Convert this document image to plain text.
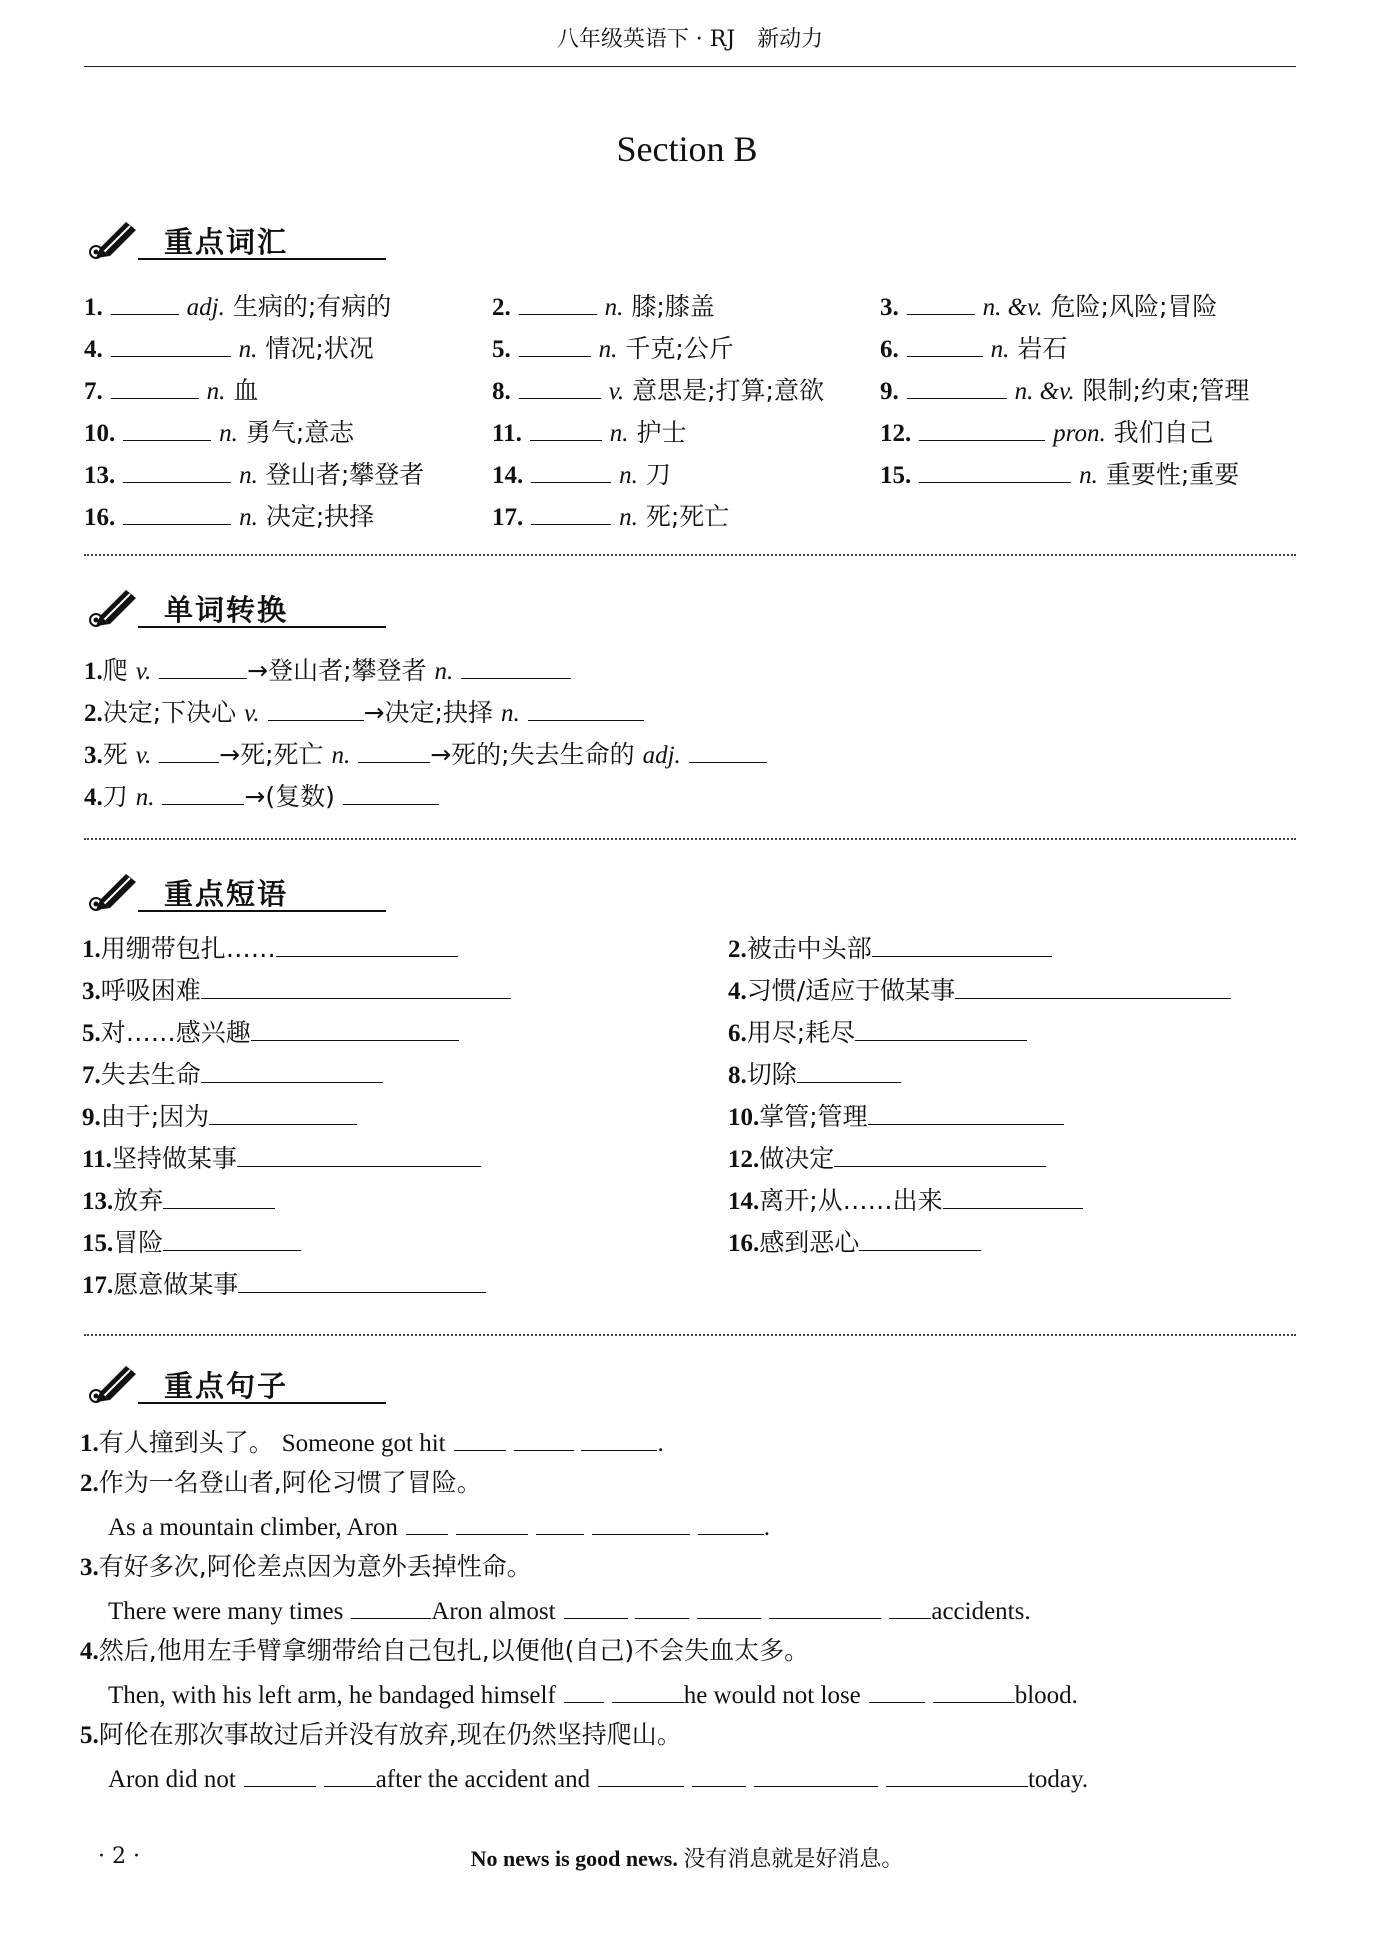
八年级英语下 · RJ　新动力
Section B
重点词汇
1.	adj. 生病的;有病的	2.	n. 膝;膝盖	3.	n. &v. 危险;风险;冒险
4.	n. 情况;状况	5.	n. 千克;公斤	6.	n. 岩石
7.	n. 血	8.	v. 意思是;打算;意欲 9.	n. &v. 限制;约束;管理
10.	n. 勇气;意志	11.	n. 护士	12.	pron. 我们自己
13.	n. 登山者;攀登者	14.	n. 刀	15.	n. 重要性;重要
16.	n. 决定;抉择	17.	n. 死;死亡
单词转换
1.爬 v.	→登山者;攀登者 n.
2.决定;下决心 v.	→决定;抉择 n.
3.死 v.	→死;死亡 n.	→死的;失去生命的 adj.
4.刀 n.	→(复数)
重点短语
1.用绷带包扎……	2.被击中头部
3.呼吸困难	4.习惯/适应于做某事
5.对……感兴趣	6.用尽;耗尽
7.失去生命	8.切除
9.由于;因为	10.掌管;管理
11.坚持做某事	12.做决定
13.放弃	14.离开;从……出来
15.冒险	16.感到恶心
17.愿意做某事
重点句子
1.有人撞到头了。 Someone got hit	.
2.作为一名登山者,阿伦习惯了冒险。
As a mountain climber, Aron	.
3.有好多次,阿伦差点因为意外丢掉性命。
There were many times	Aron almost	accidents.
4.然后,他用左手臂拿绷带给自己包扎,以便他(自己)不会失血太多。
Then, with his left arm, he bandaged himself	he would not lose	blood.
5.阿伦在那次事故过后并没有放弃,现在仍然坚持爬山。
Aron did not	after the accident and	today.
· 2 ·	No news is good news. 没有消息就是好消息。
